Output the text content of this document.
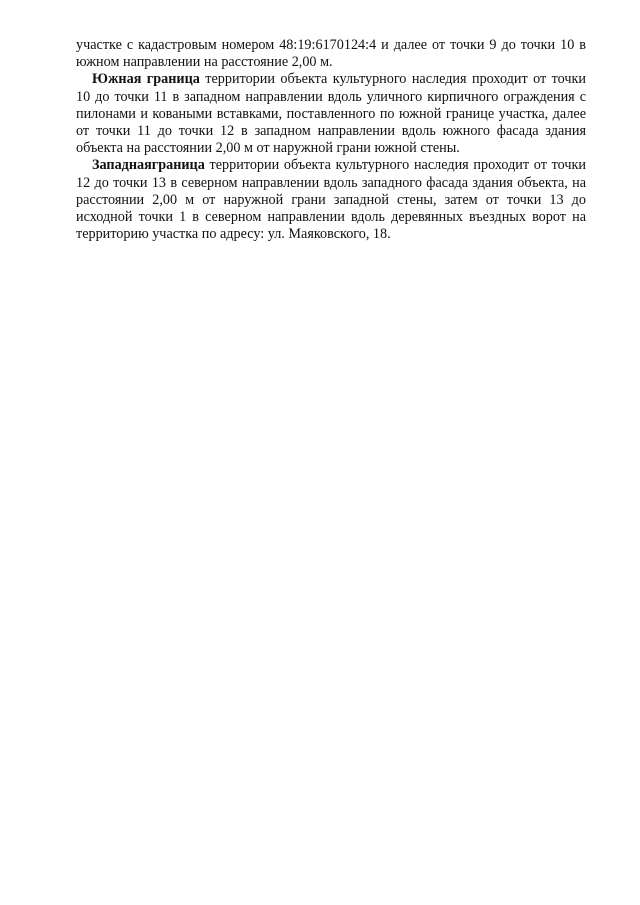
участке с кадастровым номером 48:19:6170124:4 и далее от точки 9 до точки 10 в южном направлении на расстояние 2,00 м.

Южная граница территории объекта культурного наследия проходит от точки 10 до точки 11 в западном направлении вдоль уличного кирпичного ограждения с пилонами и коваными вставками, поставленного по южной границе участка, далее от точки 11 до точки 12 в западном направлении вдоль южного фасада здания объекта на расстоянии 2,00 м от наружной грани южной стены.

Западнаяграница территории объекта культурного наследия проходит от точки 12 до точки 13 в северном направлении вдоль западного фасада здания объекта, на расстоянии 2,00 м от наружной грани западной стены, затем от точки 13 до исходной точки 1 в северном направлении вдоль деревянных въездных ворот на территорию участка по адресу: ул. Маяковского, 18.
